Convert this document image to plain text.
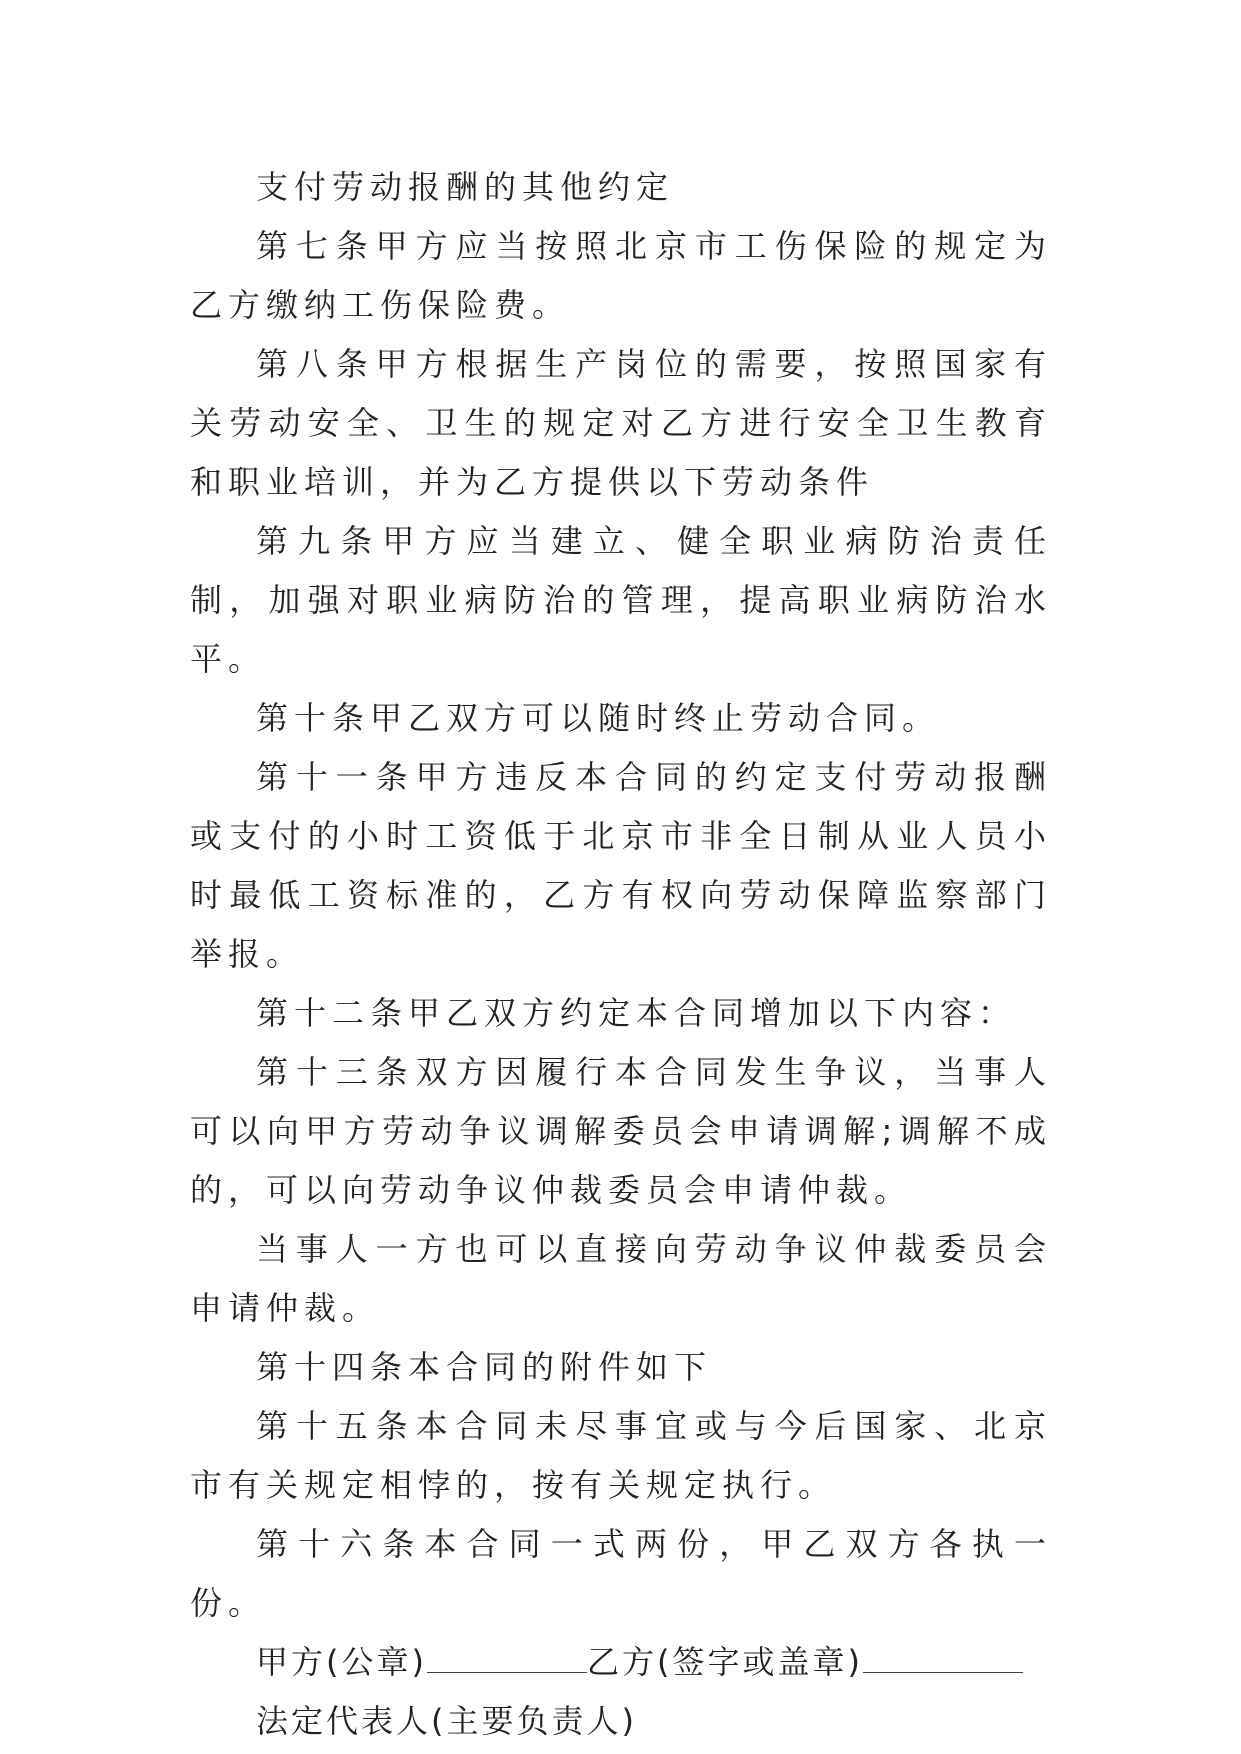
支付劳动报酬的其他约定

第七条甲方应当按照北京市工伤保险的规定为乙方缴纳工伤保险费。

第八条甲方根据生产岗位的需要，按照国家有关劳动安全、卫生的规定对乙方进行安全卫生教育和职业培训，并为乙方提供以下劳动条件

第九条甲方应当建立、健全职业病防治责任制，加强对职业病防治的管理，提高职业病防治水平。

第十条甲乙双方可以随时终止劳动合同。

第十一条甲方违反本合同的约定支付劳动报酬或支付的小时工资低于北京市非全日制从业人员小时最低工资标准的，乙方有权向劳动保障监察部门举报。

第十二条甲乙双方约定本合同增加以下内容：

第十三条双方因履行本合同发生争议，当事人可以向甲方劳动争议调解委员会申请调解;调解不成的，可以向劳动争议仲裁委员会申请仲裁。

当事人一方也可以直接向劳动争议仲裁委员会申请仲裁。

第十四条本合同的附件如下

第十五条本合同未尽事宜或与今后国家、北京市有关规定相悖的，按有关规定执行。

第十六条本合同一式两份，甲乙双方各执一份。

甲方(公章)	乙方(签字或盖章)

法定代表人(主要负责人)
